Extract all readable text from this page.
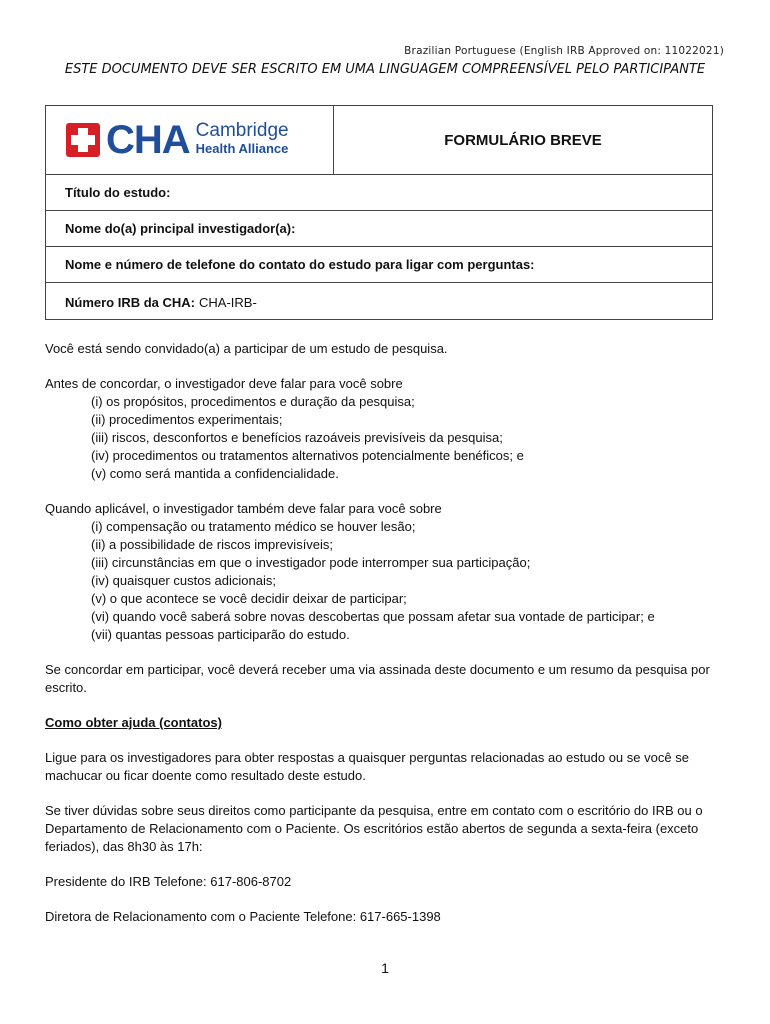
Brazilian Portuguese (English IRB Approved on: 11022021)
ESTE DOCUMENTO DEVE SER ESCRITO EM UMA LINGUAGEM COMPREENSÍVEL PELO PARTICIPANTE
CHA Cambridge
Health Alliance	FORMULÁRIO BREVE
Título do estudo:
Nome do(a) principal investigador(a):
Nome e número de telefone do contato do estudo para ligar com perguntas:
Número IRB da CHA: CHA-IRB-

Você está sendo convidado(a) a participar de um estudo de pesquisa.

Antes de concordar, o investigador deve falar para você sobre
(i) os propósitos, procedimentos e duração da pesquisa;
(ii) procedimentos experimentais;
(iii) riscos, desconfortos e benefícios razoáveis previsíveis da pesquisa;
(iv) procedimentos ou tratamentos alternativos potencialmente benéficos; e
(v) como será mantida a confidencialidade.

Quando aplicável, o investigador também deve falar para você sobre
(i) compensação ou tratamento médico se houver lesão;
(ii) a possibilidade de riscos imprevisíveis;
(iii) circunstâncias em que o investigador pode interromper sua participação;
(iv) quaisquer custos adicionais;
(v) o que acontece se você decidir deixar de participar;
(vi) quando você saberá sobre novas descobertas que possam afetar sua vontade de participar; e
(vii) quantas pessoas participarão do estudo.

Se concordar em participar, você deverá receber uma via assinada deste documento e um resumo da pesquisa por escrito.

Como obter ajuda (contatos)

Ligue para os investigadores para obter respostas a quaisquer perguntas relacionadas ao estudo ou se você se machucar ou ficar doente como resultado deste estudo.

Se tiver dúvidas sobre seus direitos como participante da pesquisa, entre em contato com o escritório do IRB ou o Departamento de Relacionamento com o Paciente. Os escritórios estão abertos de segunda a sexta-feira (exceto feriados), das 8h30 às 17h:

Presidente do IRB Telefone: 617-806-8702

Diretora de Relacionamento com o Paciente Telefone: 617-665-1398

1
